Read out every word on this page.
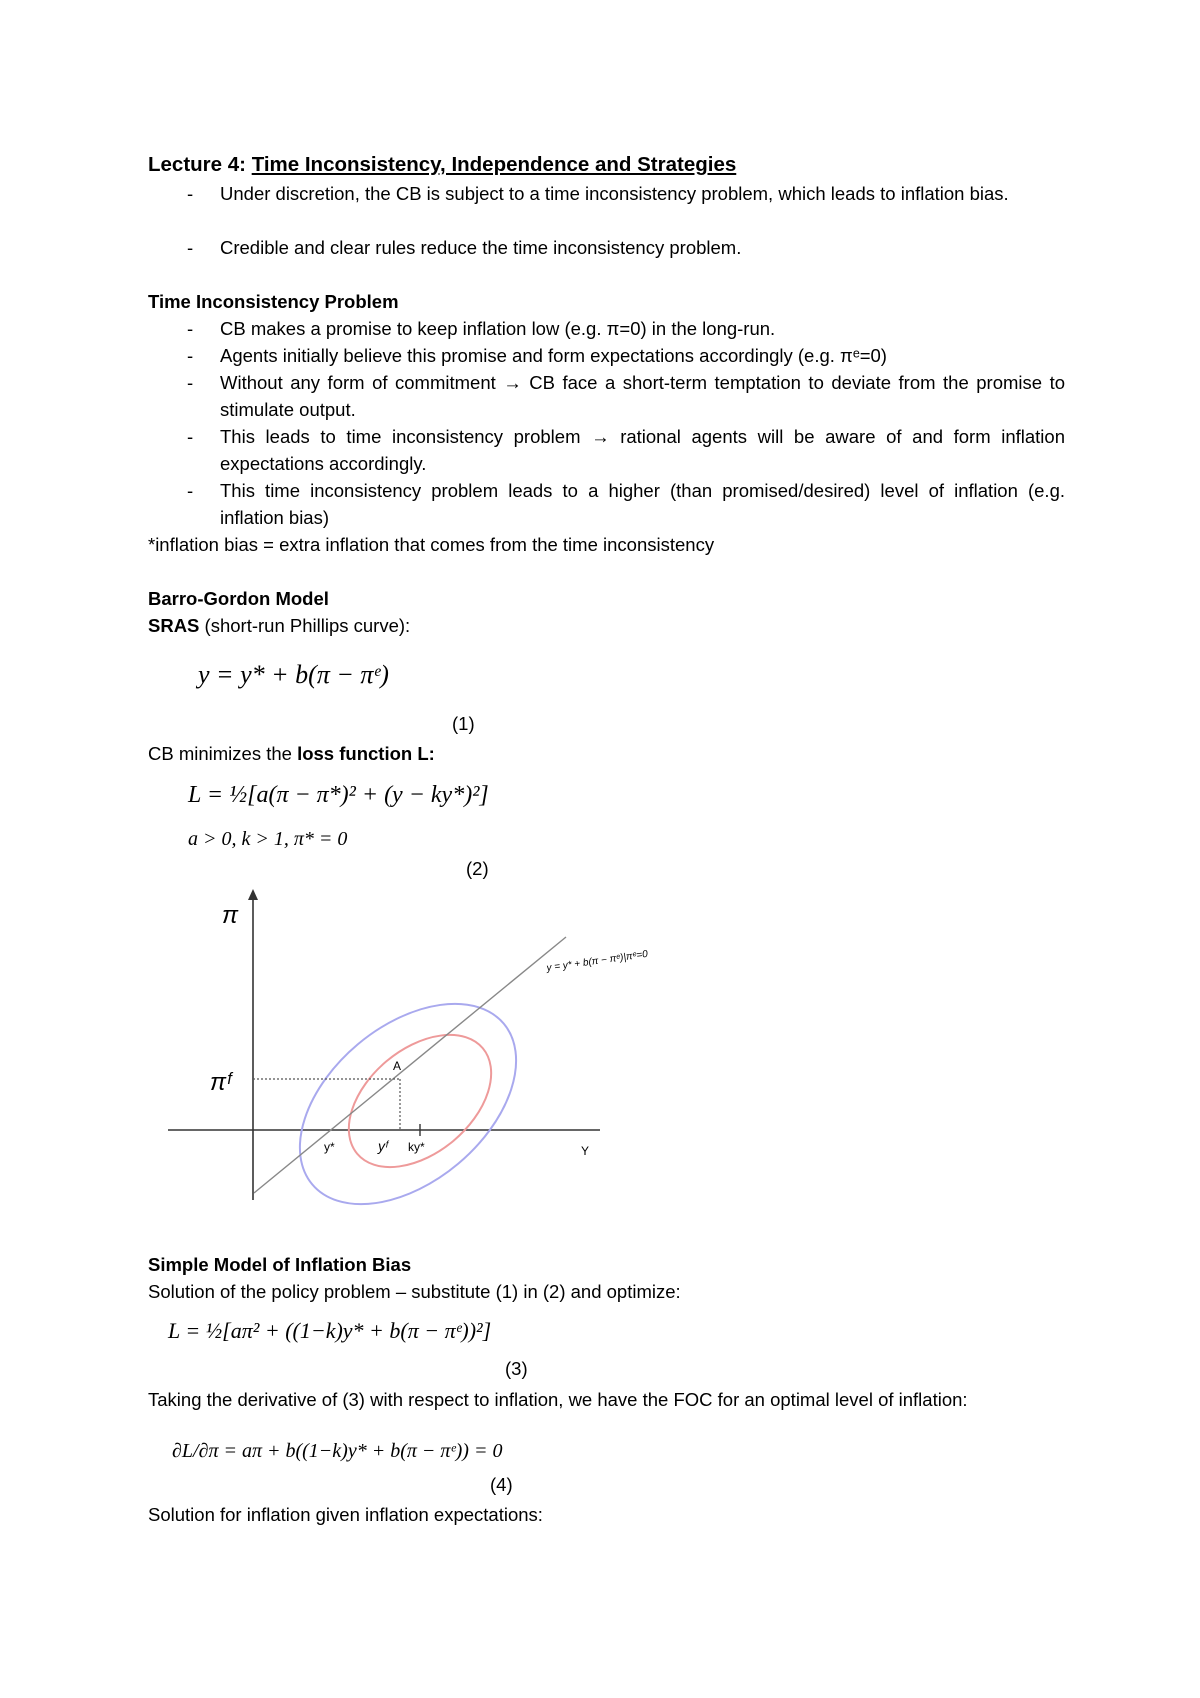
Lecture 4: Time Inconsistency, Independence and Strategies
- Under discretion, the CB is subject to a time inconsistency problem, which leads to inflation bias.
- Credible and clear rules reduce the time inconsistency problem.
Time Inconsistency Problem
- CB makes a promise to keep inflation low (e.g. π=0) in the long-run.
- Agents initially believe this promise and form expectations accordingly (e.g. πᵉ=0)
- Without any form of commitment → CB face a short-term temptation to deviate from the promise to stimulate output.
- This leads to time inconsistency problem → rational agents will be aware of and form inflation expectations accordingly.
- This time inconsistency problem leads to a higher (than promised/desired) level of inflation (e.g. inflation bias)
*inflation bias = extra inflation that comes from the time inconsistency
Barro-Gordon Model
SRAS (short-run Phillips curve):
y = y* + b(π − πᵉ)
(1)
CB minimizes the loss function L:
L = ½[a(π − π*)² + (y − ky*)²]
a > 0, k > 1, π* = 0
(2)
π
πᶠ
A
y*	yᶠ ky*	Y
y = y* + b(π − πᵉ)|πᵉ=0
Simple Model of Inflation Bias
Solution of the policy problem – substitute (1) in (2) and optimize:
L = ½[aπ² + ((1−k)y* + b(π − πᵉ))²]
(3)
Taking the derivative of (3) with respect to inflation, we have the FOC for an optimal level of inflation:
∂L/∂π = aπ + b((1−k)y* + b(π − πᵉ)) = 0
(4)
Solution for inflation given inflation expectations:
